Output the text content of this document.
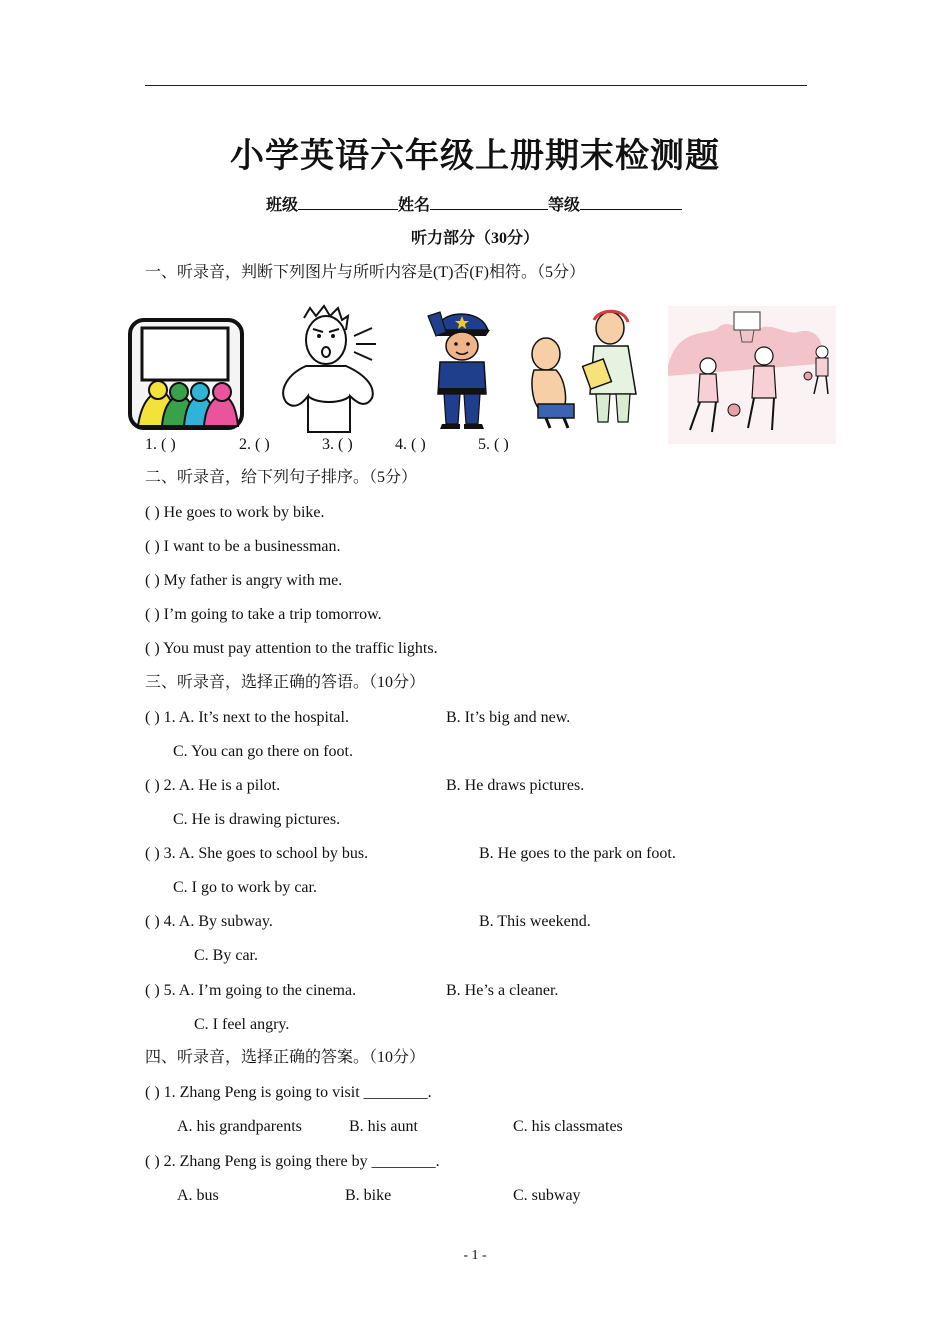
小学英语六年级上册期末检测题
班级	姓名	等级
听力部分（30分）
一、听录音，判断下列图片与所听内容是(T)否(F)相符。（5分）
1. ( )	2. ( )	3. ( )	4. ( )	5. ( )
二、听录音，给下列句子排序。（5分）
( ) He goes to work by bike.
( ) I want to be a businessman.
( ) My father is angry with me.
( ) I’m going to take a trip tomorrow.
( ) You must pay attention to the traffic lights.
三、听录音，选择正确的答语。（10分）
( ) 1. A. It’s next to the hospital.	B. It’s big and new.
C. You can go there on foot.
( ) 2. A. He is a pilot.	B. He draws pictures.
C. He is drawing pictures.
( ) 3. A. She goes to school by bus.	B. He goes to the park on foot.
C. I go to work by car.
( ) 4. A. By subway.	B. This weekend.
C. By car.
( ) 5. A. I’m going to the cinema.	B. He’s a cleaner.
C. I feel angry.
四、听录音，选择正确的答案。（10分）
( ) 1. Zhang Peng is going to visit ________.
A. his grandparents	B. his aunt	C. his classmates
( ) 2. Zhang Peng is going there by ________.
A. bus	B. bike	C. subway
- 1 -
